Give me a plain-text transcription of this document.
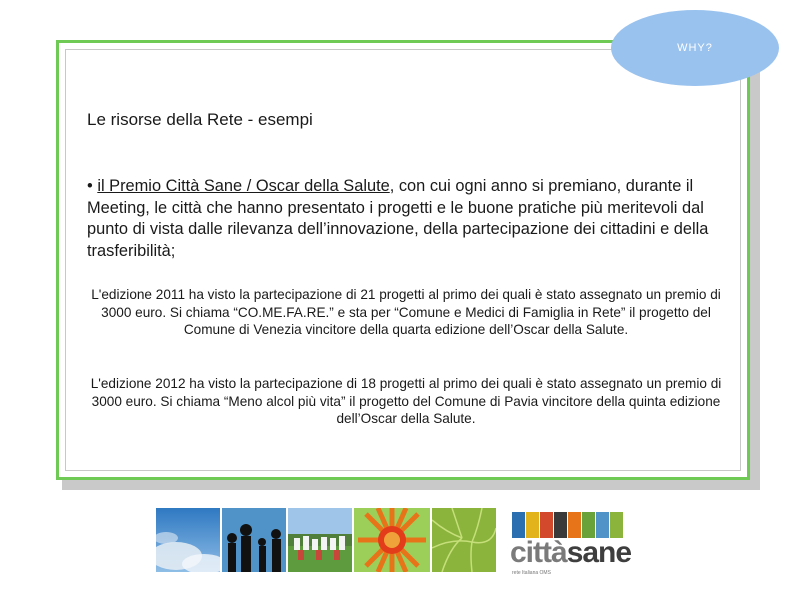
WHY?
Le risorse della Rete - esempi
• il Premio Città Sane / Oscar della Salute, con cui ogni anno si premiano, durante il Meeting, le città che hanno presentato i progetti e le buone pratiche più meritevoli dal punto di vista dalle rilevanza dell’innovazione, della partecipazione dei cittadini e della trasferibilità;
L'edizione 2011 ha visto la partecipazione di 21 progetti al primo dei quali è stato assegnato un premio di 3000 euro. Si chiama “CO.ME.FA.RE.” e sta per “Comune e Medici di Famiglia in Rete” il progetto del Comune di Venezia vincitore della quarta edizione dell’Oscar della Salute.
L'edizione 2012 ha visto la partecipazione di 18 progetti al primo dei quali è stato assegnato un premio di 3000 euro. Si chiama “Meno alcol più vita” il progetto del Comune di Pavia vincitore della quinta edizione dell’Oscar della Salute.
cittàsane
rete Italiana OMS
